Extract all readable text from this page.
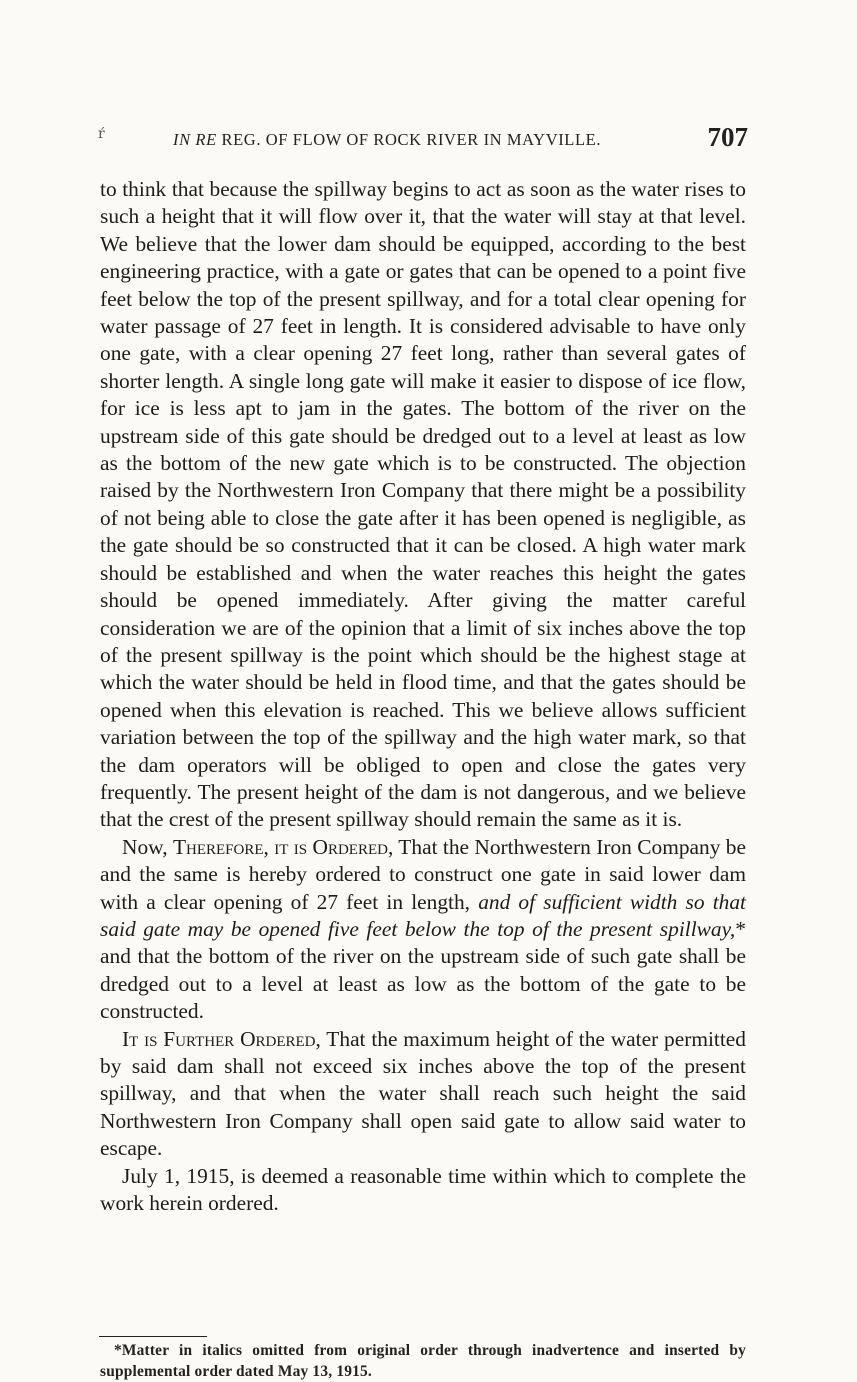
ŕ	IN RE REG. OF FLOW OF ROCK RIVER IN MAYVILLE.	707

to think that because the spillway begins to act as soon as the water rises to such a height that it will flow over it, that the water will stay at that level. We believe that the lower dam should be equipped, according to the best engineering practice, with a gate or gates that can be opened to a point five feet below the top of the present spillway, and for a total clear opening for water passage of 27 feet in length. It is considered advisable to have only one gate, with a clear opening 27 feet long, rather than several gates of shorter length. A single long gate will make it easier to dispose of ice flow, for ice is less apt to jam in the gates. The bottom of the river on the upstream side of this gate should be dredged out to a level at least as low as the bottom of the new gate which is to be constructed. The objection raised by the Northwestern Iron Company that there might be a possibility of not being able to close the gate after it has been opened is negligible, as the gate should be so constructed that it can be closed. A high water mark should be established and when the water reaches this height the gates should be opened immediately. After giving the matter careful consideration we are of the opinion that a limit of six inches above the top of the present spillway is the point which should be the highest stage at which the water should be held in flood time, and that the gates should be opened when this elevation is reached. This we believe allows sufficient variation between the top of the spillway and the high water mark, so that the dam operators will be obliged to open and close the gates very frequently. The present height of the dam is not dangerous, and we believe that the crest of the present spillway should remain the same as it is.

Now, Therefore, it is Ordered, That the Northwestern Iron Company be and the same is hereby ordered to construct one gate in said lower dam with a clear opening of 27 feet in length, and of sufficient width so that said gate may be opened five feet below the top of the present spillway,* and that the bottom of the river on the upstream side of such gate shall be dredged out to a level at least as low as the bottom of the gate to be constructed.

It is Further Ordered, That the maximum height of the water permitted by said dam shall not exceed six inches above the top of the present spillway, and that when the water shall reach such height the said Northwestern Iron Company shall open said gate to allow said water to escape.

July 1, 1915, is deemed a reasonable time within which to complete the work herein ordered.

*Matter in italics omitted from original order through inadvertence and inserted by supplemental order dated May 13, 1915.
